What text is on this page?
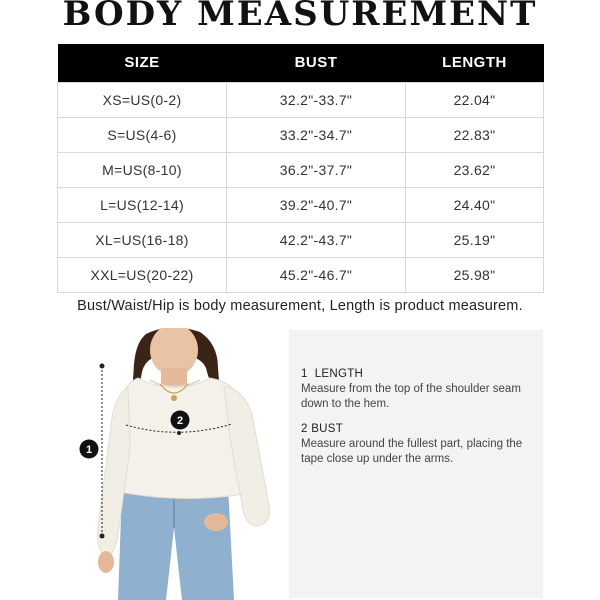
BODY MEASUREMENT
SIZE	BUST	LENGTH
XS=US(0-2)	32.2"-33.7"	22.04"
S=US(4-6)	33.2"-34.7"	22.83"
M=US(8-10)	36.2"-37.7"	23.62"
L=US(12-14)	39.2"-40.7"	24.40"
XL=US(16-18)	42.2"-43.7"	25.19"
XXL=US(20-22)	45.2"-46.7"	25.98"
Bust/Waist/Hip is body measurement, Length is product measurem.
1
2
1 LENGTH
Measure from the top of the shoulder seam down to the hem.
2 BUST
Measure around the fullest part, placing the tape close up under the arms.
